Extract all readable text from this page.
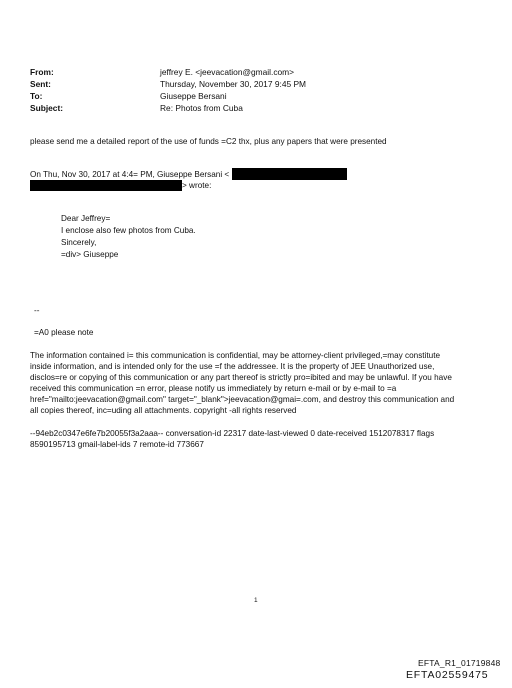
From:	jeffrey E. <jeevacation@gmail.com>
Sent:	Thursday, November 30, 2017 9:45 PM
To:	Giuseppe Bersani
Subject:	Re: Photos from Cuba
please send me a detailed report of the use of funds =C2 thx, plus any papers that were presented
On Thu, Nov 30, 2017 at 4:4= PM, Giuseppe Bersani <
> wrote:
Dear Jeffrey=
I enclose also few photos from Cuba.
Sincerely,
=div> Giuseppe
--
=A0 please note
The information contained i= this communication is confidential, may be attorney-client privileged,=may constitute
inside information, and is intended only for the use =f the addressee. It is the property of JEE Unauthorized use,
disclos=re or copying of this communication or any part thereof is strictly pro=ibited and may be unlawful. If you have
received this communication =n error, please notify us immediately by return e-mail or by e-mail to =a
href="mailto:jeevacation@gmail.com" target="_blank">jeevacation@gmai=.com, and destroy this communication and
all copies thereof, inc=uding all attachments. copyright -all rights reserved
--94eb2c0347e6fe7b20055f3a2aaa-- conversation-id 22317 date-last-viewed 0 date-received 1512078317 flags
8590195713 gmail-label-ids 7 remote-id 773667
1
EFTA_R1_01719848
EFTA02559475
